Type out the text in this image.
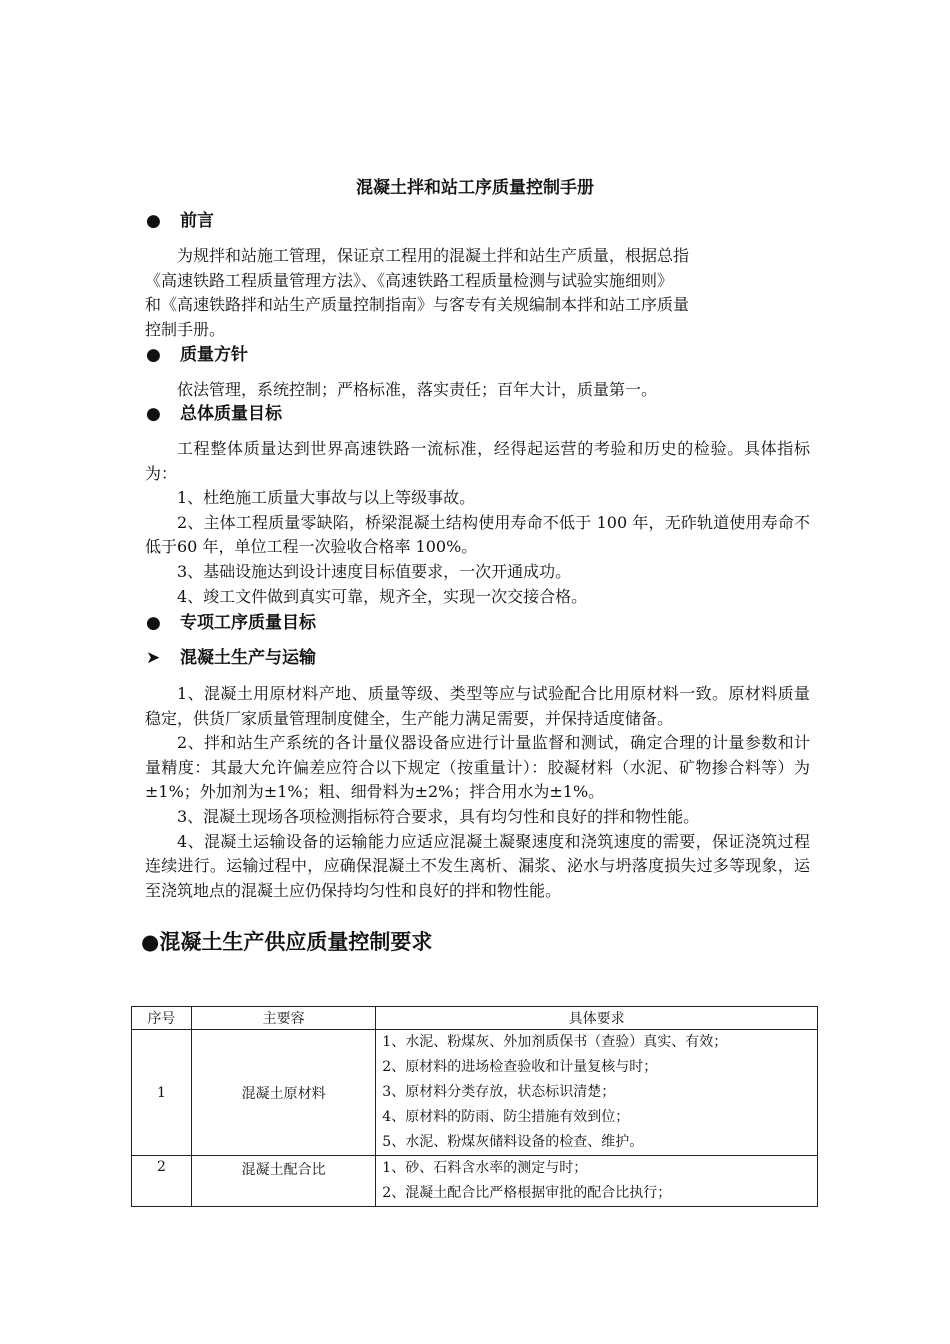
混凝土拌和站工序质量控制手册
● 前言
为规拌和站施工管理，保证京工程用的混凝土拌和站生产质量，根据总指
《高速铁路工程质量管理方法》、《高速铁路工程质量检测与试验实施细则》
和《高速铁路拌和站生产质量控制指南》与客专有关规编制本拌和站工序质量
控制手册。
● 质量方针

依法管理，系统控制；严格标准，落实责任；百年大计，质量第一。

● 总体质量目标

工程整体质量达到世界高速铁路一流标准，经得起运营的考验和历史的检验。具体指标为：

1、杜绝施工质量大事故与以上等级事故。

2、主体工程质量零缺陷，桥梁混凝土结构使用寿命不低于 100 年，无砟轨道使用寿命不低于60 年，单位工程一次验收合格率 100%。

3、基础设施达到设计速度目标值要求，一次开通成功。

4、竣工文件做到真实可靠，规齐全，实现一次交接合格。

● 专项工序质量目标
➤ 混凝土生产与运输

1、混凝土用原材料产地、质量等级、类型等应与试验配合比用原材料一致。原材料质量稳定，供货厂家质量管理制度健全，生产能力满足需要，并保持适度储备。

2、拌和站生产系统的各计量仪器设备应进行计量监督和测试，确定合理的计量参数和计量精度：其最大允许偏差应符合以下规定（按重量计）：胶凝材料（水泥、矿物掺合料等）为±1%；外加剂为±1%；粗、细骨料为±2%；拌合用水为±1%。

3、混凝土现场各项检测指标符合要求，具有均匀性和良好的拌和物性能。

4、混凝土运输设备的运输能力应适应混凝土凝聚速度和浇筑速度的需要，保证浇筑过程连续进行。运输过程中，应确保混凝土不发生离析、漏浆、泌水与坍落度损失过多等现象，运至浇筑地点的混凝土应仍保持均匀性和良好的拌和物性能。

●混凝土生产供应质量控制要求
序号	主要容	具体要求
1	混凝土原材料	1、水泥、粉煤灰、外加剂质保书（查验）真实、有效；
2、原材料的进场检查验收和计量复核与时；
3、原材料分类存放，状态标识清楚；
4、原材料的防雨、防尘措施有效到位；
5、水泥、粉煤灰储料设备的检查、维护。

2	混凝土配合比	1、砂、石料含水率的测定与时；
2、混凝土配合比严格根据审批的配合比执行；
